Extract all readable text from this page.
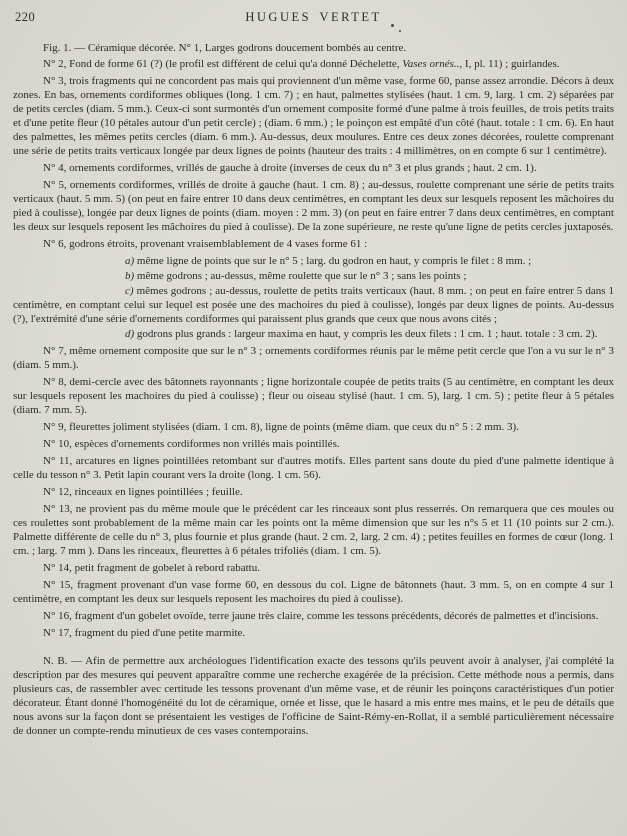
220	HUGUES VERTET

Fig. 1. — Céramique décorée. N° 1, Larges godrons doucement bombés au centre.

N° 2, Fond de forme 61 (?) (le profil est différent de celui qu'a donné Déchelette, Vases ornés.., I, pl. 11) ; guirlandes.

N° 3, trois fragments qui ne concordent pas mais qui proviennent d'un même vase, forme 60, panse assez arrondie. Décors à deux zones. En bas, ornements cordiformes obliques (long. 1 cm. 7) ; en haut, palmettes stylisées (haut. 1 cm. 9, larg. 1 cm. 2) séparées par de petits cercles (diam. 5 mm.). Ceux-ci sont surmontés d'un ornement composite formé d'une palme à trois feuilles, de trois petits traits et d'une petite fleur (10 pétales autour d'un petit cercle) ; (diam. 6 mm.) ; le poinçon est empâté d'un côté (haut. totale : 1 cm. 6). En haut des palmettes, les mêmes petits cercles (diam. 6 mm.). Au-dessus, deux moulures. Entre ces deux zones décorées, roulette comprenant une série de petits traits verticaux longée par deux lignes de points (hauteur des traits : 4 millimètres, on en compte 6 sur 1 centimètre).

N° 4, ornements cordiformes, vrillés de gauche à droite (inverses de ceux du n° 3 et plus grands ; haut. 2 cm. 1).

N° 5, ornements cordiformes, vrillés de droite à gauche (haut. 1 cm. 8) ; au-dessus, roulette comprenant une série de petits traits verticaux (haut. 5 mm. 5) (on peut en faire entrer 10 dans deux centimètres, en comptant les deux sur lesquels reposent les mâchoires du pied à coulisse), longée par deux lignes de points (diam. moyen : 2 mm. 3) (on peut en faire entrer 7 dans deux centimètres, en comptant les deux sur lesquels reposent les mâchoires du pied à coulisse). De la zone supérieure, ne reste qu'une ligne de petits cercles juxtaposés.

N° 6, godrons étroits, provenant vraisemblablement de 4 vases forme 61 :

a) même ligne de points que sur le n° 5 ; larg. du godron en haut, y compris le filet : 8 mm. ;

b) même godrons ; au-dessus, même roulette que sur le n° 3 ; sans les points ;

c) mêmes godrons ; au-dessus, roulette de petits traits verticaux (haut. 8 mm. ; on peut en faire entrer 5 dans 1 centimètre, en comptant celui sur lequel est posée une des machoires du pied à coulisse), longés par deux lignes de points. Au-dessus (?), l'extrémité d'une série d'ornements cordiformes qui paraissent plus grands que ceux que nous avons cités ;

d) godrons plus grands : largeur maxima en haut, y compris les deux filets : 1 cm. 1 ; haut. totale : 3 cm. 2).

N° 7, même ornement composite que sur le n° 3 ; ornements cordiformes réunis par le même petit cercle que l'on a vu sur le n° 3 (diam. 5 mm.).

N° 8, demi-cercle avec des bâtonnets rayonnants ; ligne horizontale coupée de petits traits (5 au centimètre, en comptant les deux sur lesquels reposent les machoires du pied à coulisse) ; fleur ou oiseau stylisé (haut. 1 cm. 5), larg. 1 cm. 5) ; petite fleur à 5 pétales (diam. 7 mm. 5).

N° 9, fleurettes joliment stylisées (diam. 1 cm. 8), ligne de points (même diam. que ceux du n° 5 : 2 mm. 3).

N° 10, espèces d'ornements cordiformes non vrillés mais pointillés.

N° 11, arcatures en lignes pointillées retombant sur d'autres motifs. Elles partent sans doute du pied d'une palmette identique à celle du tesson n° 3. Petit lapin courant vers la droite (long. 1 cm. 56).

N° 12, rinceaux en lignes pointillées ; feuille.

N° 13, ne provient pas du même moule que le précédent car les rinceaux sont plus resserrés. On remarquera que ces moules ou ces roulettes sont probablement de la même main car les points ont la même dimension que sur les n°s 5 et 11 (10 points sur 2 cm.). Palmette différente de celle du n° 3, plus fournie et plus grande (haut. 2 cm. 2, larg. 2 cm. 4) ; petites feuilles en formes de cœur (long. 1 cm. ; larg. 7 mm ). Dans les rinceaux, fleurettes à 6 pétales trifoliés (diam. 1 cm. 5).

N° 14, petit fragment de gobelet à rebord rabattu.

N° 15, fragment provenant d'un vase forme 60, en dessous du col. Ligne de bâtonnets (haut. 3 mm. 5, on en compte 4 sur 1 centimètre, en comptant les deux sur lesquels reposent les machoires du pied à coulisse).

N° 16, fragment d'un gobelet ovoïde, terre jaune très claire, comme les tessons précédents, décorés de palmettes et d'incisions.

N° 17, fragment du pied d'une petite marmite.

N. B. — Afin de permettre aux archéologues l'identification exacte des tessons qu'ils peuvent avoir à analyser, j'ai complété la description par des mesures qui peuvent apparaître comme une recherche exagérée de la précision. Cette méthode nous a permis, dans plusieurs cas, de rassembler avec certitude les tessons provenant d'un même vase, et de réunir les poinçons caractéristiques d'un potier décorateur. Étant donné l'homogénéité du lot de céramique, ornée et lisse, que le hasard a mis entre mes mains, et le peu de détails que nous avons sur la façon dont se présentaient les vestiges de l'officine de Saint-Rémy-en-Rollat, il a semblé particulièrement nécessaire de donner un compte-rendu minutieux de ces vases contemporains.
